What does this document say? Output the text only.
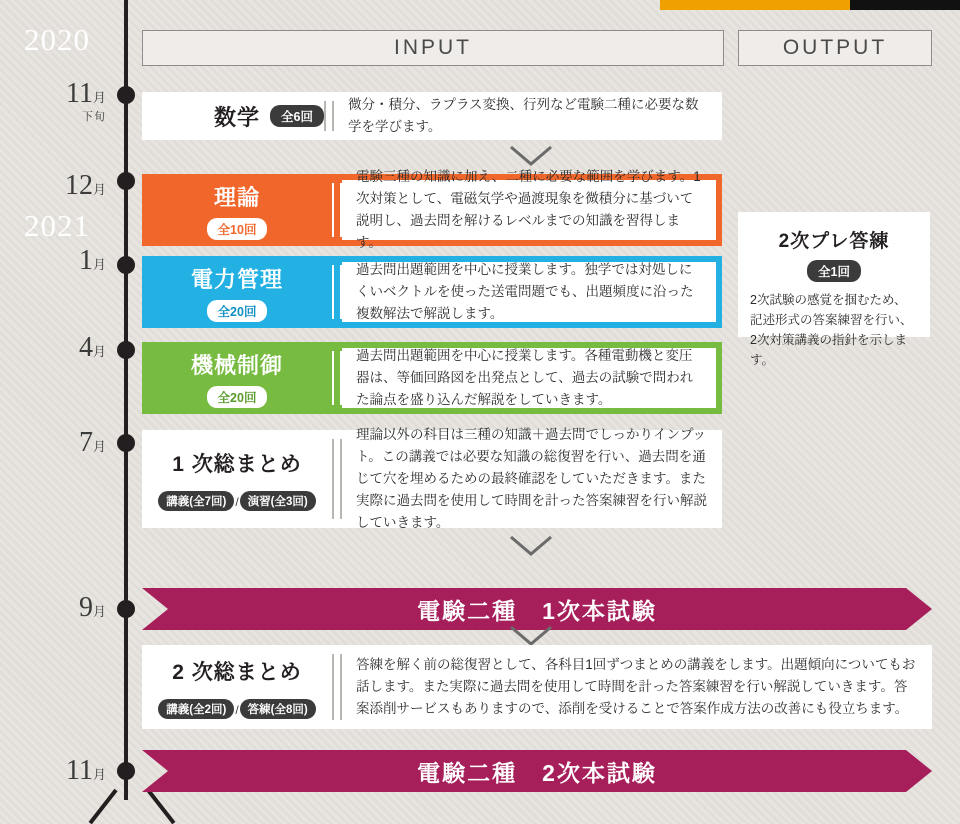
2020
2021
11月
下旬
12月
1月
4月
7月
9月
11月
INPUT	OUTPUT
数学	全6回
微分・積分、ラプラス変換、行列など電験二種に必要な数学を学びます。
理論
全10回
電験三種の知識に加え、二種に必要な範囲を学びます。1次対策として、電磁気学や過渡現象を微積分に基づいて説明し、過去問を解けるレベルまでの知識を習得します。
電力管理
全20回
過去問出題範囲を中心に授業します。独学では対処しにくいベクトルを使った送電問題でも、出題頻度に沿った複数解法で解説します。
機械制御
全20回
過去問出題範囲を中心に授業します。各種電動機と変圧器は、等価回路図を出発点として、過去の試験で問われた論点を盛り込んだ解説をしていきます。
1 次総まとめ
講義(全7回) / 演習(全3回)
理論以外の科目は三種の知識＋過去問でしっかりインプット。この講義では必要な知識の総復習を行い、過去問を通じて穴を埋めるための最終確認をしていただきます。また実際に過去問を使用して時間を計った答案練習を行い解説していきます。
電験二種　1次本試験
2 次総まとめ
講義(全2回) / 答練(全8回)
答練を解く前の総復習として、各科目1回ずつまとめの講義をします。出題傾向についてもお話します。また実際に過去問を使用して時間を計った答案練習を行い解説していきます。答案添削サービスもありますので、添削を受けることで答案作成方法の改善にも役立ちます。
電験二種　2次本試験
2次プレ答練
全1回
2次試験の感覚を掴むため、記述形式の答案練習を行い、2次対策講義の指針を示します。
